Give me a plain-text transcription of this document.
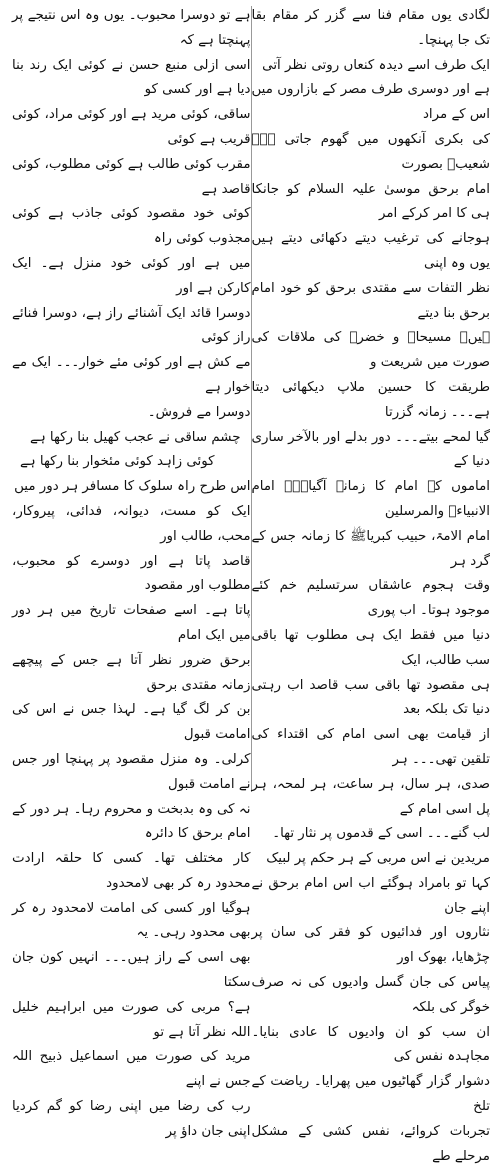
ہے تو دوسرا محبوب۔ یوں وہ اس نتیجے پر پہنچتا ہے کہ

اسی ازلی منبع حسن نے کوئی ایک رند بنا دیا ہے اور کسی کو

ساقی، کوئی مرید ہے اور کوئی مراد، کوئی قریب ہے کوئی

مقرب کوئی طالب ہے کوئی مطلوب، کوئی قاصد ہے

کوئی خود مقصود کوئی جاذب ہے کوئی مجذوب کوئی راہ

میں ہے اور کوئی خود منزل ہے۔ ایک کارکن ہے اور

دوسرا قائد ایک آشنائے راز ہے، دوسرا فنائے راز کوئی

مے کش ہے اور کوئی مئے خوار۔۔۔ ایک مے خوار ہے

دوسرا مے فروش۔

چشم ساقی نے عجب کھیل بنا رکھا ہے

کوئی زاہد کوئی مئخوار بنا رکھا ہے

اس طرح راہ سلوک کا مسافر ہر دور میں

ایک کو مست، دیوانہ، فدائی، پیروکار، محب، طالب اور

قاصد پاتا ہے اور دوسرے کو محبوب، مطلوب اور مقصود

پاتا ہے۔ اسے صفحات تاریخ میں ہر دور میں ایک امام

برحق ضرور نظر آتا ہے جس کے پیچھے زمانہ مقتدی برحق

بن کر لگ گیا ہے۔ لہذا جس نے اس کی امامت قبول

کرلی۔ وہ منزل مقصود پر پہنچا اور جس نے امامت قبول

نہ کی وہ بدبخت و محروم رہا۔ ہر دور کے امام برحق کا دائرہ

کار مختلف تھا۔ کسی کا حلقہ ارادت محدود رہ کر بھی لامحدود

ہوگیا اور کسی کی امامت لامحدود رہ کر بھی محدود رہی۔ یہ

بھی اسی کے راز ہیں۔۔۔ انہیں کون جان سکتا

ہے؟ مربی کی صورت میں ابراہیم خلیل اللہ نظر آتا ہے تو

مرید کی صورت میں اسماعیل ذبیح اللہ جس نے اپنے

رب کی رضا میں اپنی رضا کو گم کردیا اپنی جان داؤ پر

لگادی یوں مقام فنا سے گزر کر مقام بقا تک جا پہنچا۔

ایک طرف اسے دیدہ کنعاں روتی نظر آتی

ہے اور دوسری طرف مصر کے بازاروں میں اس کے مراد

کی بکری آنکھوں میں گھوم جاتی ہے۔ شعیبؑ بصورت

امام برحق موسیٰ علیہ السلام کو جانکا ہی کا امر کرکے امر

ہوجانے کی ترغیب دیتے دکھائی دیتے ہیں یوں وہ اپنی

نظر التفات سے مقتدی برحق کو خود امام برحق بنا دیتے

ہیں۔ مسیحاؑ و خضرؑ کی ملاقات کی صورت میں شریعت و

طریقت کا حسین ملاپ دیکھائی دیتا ہے۔۔۔ زمانہ گزرتا

گیا لمحے بیتے۔۔۔ دور بدلے اور بالآخر ساری دنیا کے

اماموں کے امام کا زمانہ آگیا۔۔۔ امام الانبیاءؑ والمرسلین

امام الامۃ، حبیب کبریاﷺ کا زمانہ جس کے گرد ہر

وقت ہجوم عاشقاں سرتسلیم خم کئے موجود ہوتا۔ اب پوری

دنیا میں فقط ایک ہی مطلوب تھا باقی سب طالب، ایک

ہی مقصود تھا باقی سب قاصد اب رہتی دنیا تک بلکہ بعد

از قیامت بھی اسی امام کی اقتداء کی تلقین تھی۔۔۔ ہر

صدی، ہر سال، ہر ساعت، ہر لمحہ، ہر پل اسی امام کے

لب گنے۔۔۔ اسی کے قدموں پر نثار تھا۔

مریدین نے اس مربی کے ہر حکم پر لبیک

کہا تو بامراد ہوگئے اب اس امام برحق نے اپنے جان

نثاروں اور فدائیوں کو فقر کی سان پر چڑھایا، بھوک اور

پیاس کی جان گسل وادیوں کی نہ صرف خوگر کی بلکہ

ان سب کو ان وادیوں کا عادی بنایا۔ مجاہدہ نفس کی

دشوار گزار گھاٹیوں میں پھرایا۔ ریاضت کے تلخ

تجربات کروائے، نفس کشی کے مشکل مرحلے طے
